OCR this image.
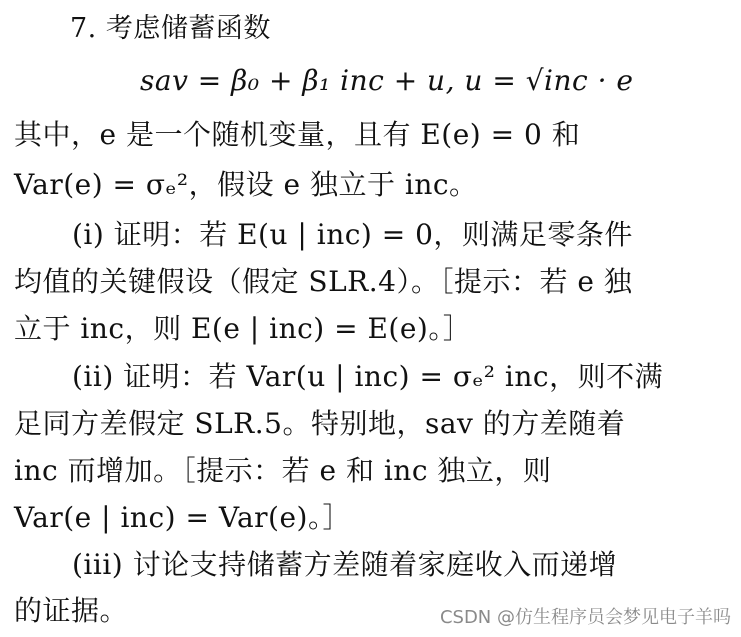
7. 考虑储蓄函数
sav = β₀ + β₁ inc + u, u = √inc · e
其中，e 是一个随机变量，且有 E(e) = 0 和
Var(e) = σₑ²，假设 e 独立于 inc。
(i) 证明：若 E(u | inc) = 0，则满足零条件
均值的关键假设（假定 SLR.4）。［提示：若 e 独
立于 inc，则 E(e | inc) = E(e)。］
(ii) 证明：若 Var(u | inc) = σₑ² inc，则不满
足同方差假定 SLR.5。特别地，sav 的方差随着
inc 而增加。［提示：若 e 和 inc 独立，则
Var(e | inc) = Var(e)。］
(iii) 讨论支持储蓄方差随着家庭收入而递增
的证据。	CSDN @仿生程序员会梦见电子羊吗
